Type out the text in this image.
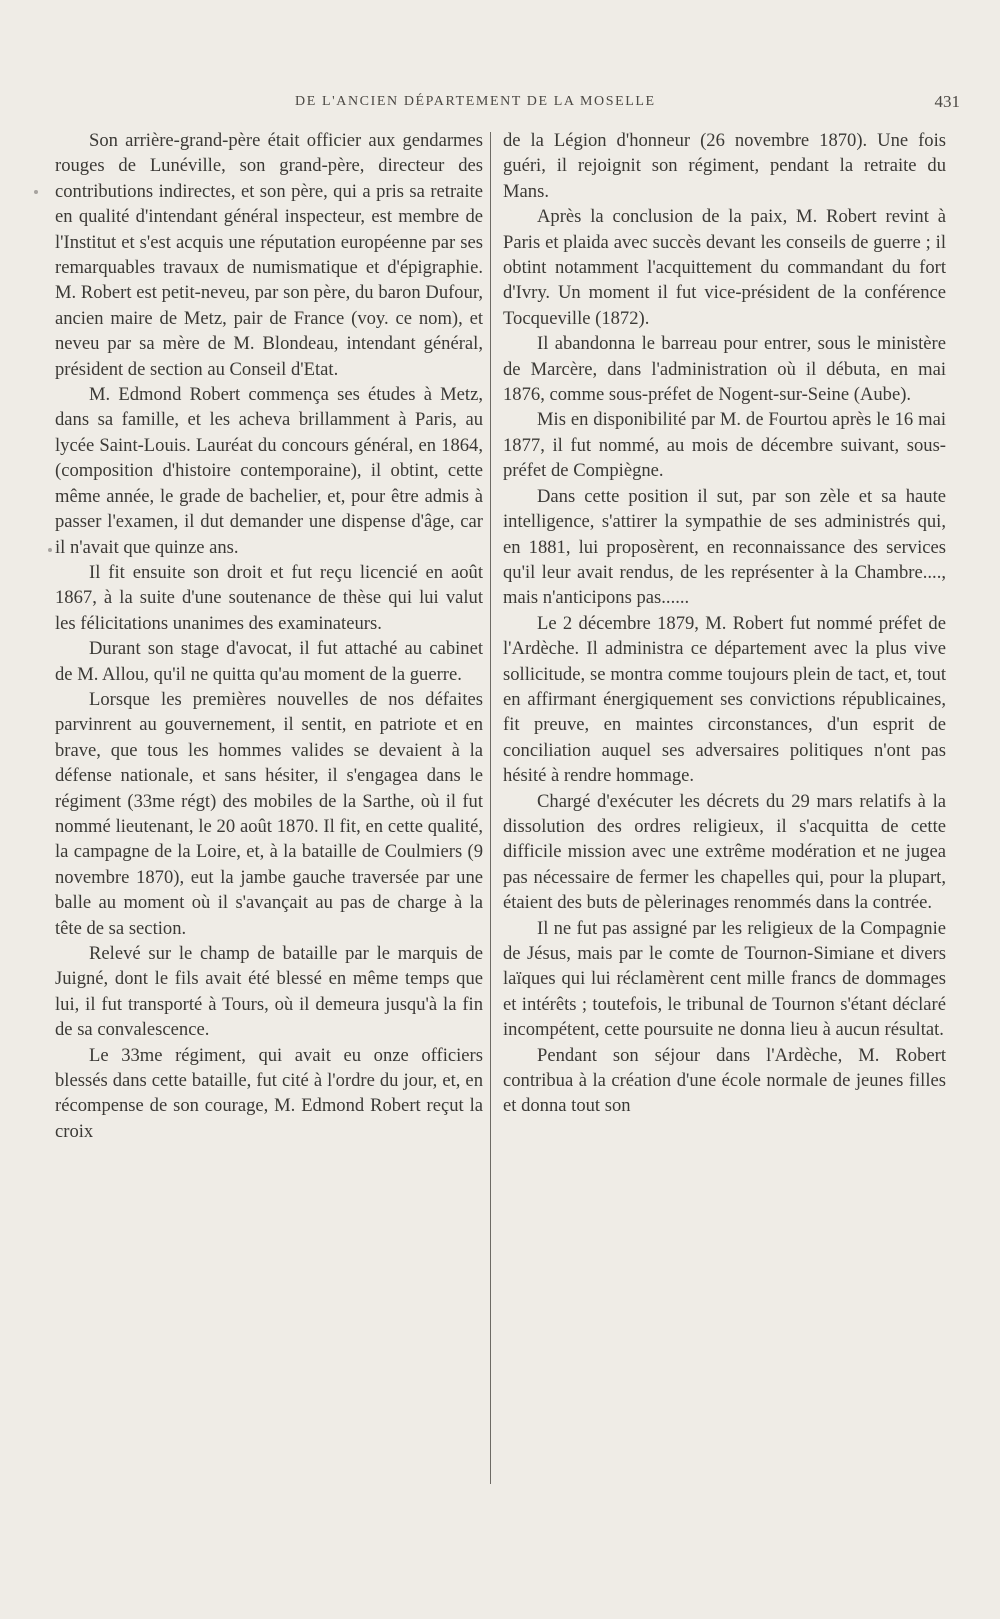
DE L'ANCIEN DÉPARTEMENT DE LA MOSELLE	431

Son arrière-grand-père était officier aux gendarmes rouges de Lunéville, son grand-père, directeur des contributions indirectes, et son père, qui a pris sa retraite en qualité d'intendant général inspecteur, est membre de l'Institut et s'est acquis une réputation européenne par ses remarquables travaux de numismatique et d'épigraphie. M. Robert est petit-neveu, par son père, du baron Dufour, ancien maire de Metz, pair de France (voy. ce nom), et neveu par sa mère de M. Blondeau, intendant général, président de section au Conseil d'Etat.

M. Edmond Robert commença ses études à Metz, dans sa famille, et les acheva brillamment à Paris, au lycée Saint-Louis. Lauréat du concours général, en 1864, (composition d'histoire contemporaine), il obtint, cette même année, le grade de bachelier, et, pour être admis à passer l'examen, il dut demander une dispense d'âge, car il n'avait que quinze ans.

Il fit ensuite son droit et fut reçu licencié en août 1867, à la suite d'une soutenance de thèse qui lui valut les félicitations unanimes des examinateurs.

Durant son stage d'avocat, il fut attaché au cabinet de M. Allou, qu'il ne quitta qu'au moment de la guerre.

Lorsque les premières nouvelles de nos défaites parvinrent au gouvernement, il sentit, en patriote et en brave, que tous les hommes valides se devaient à la défense nationale, et sans hésiter, il s'engagea dans le régiment (33me régt) des mobiles de la Sarthe, où il fut nommé lieutenant, le 20 août 1870. Il fit, en cette qualité, la campagne de la Loire, et, à la bataille de Coulmiers (9 novembre 1870), eut la jambe gauche traversée par une balle au moment où il s'avançait au pas de charge à la tête de sa section.

Relevé sur le champ de bataille par le marquis de Juigné, dont le fils avait été blessé en même temps que lui, il fut transporté à Tours, où il demeura jusqu'à la fin de sa convalescence.

Le 33me régiment, qui avait eu onze officiers blessés dans cette bataille, fut cité à l'ordre du jour, et, en récompense de son courage, M. Edmond Robert reçut la croix

de la Légion d'honneur (26 novembre 1870). Une fois guéri, il rejoignit son régiment, pendant la retraite du Mans.

Après la conclusion de la paix, M. Robert revint à Paris et plaida avec succès devant les conseils de guerre ; il obtint notamment l'acquittement du commandant du fort d'Ivry. Un moment il fut vice-président de la conférence Tocqueville (1872).

Il abandonna le barreau pour entrer, sous le ministère de Marcère, dans l'administration où il débuta, en mai 1876, comme sous-préfet de Nogent-sur-Seine (Aube).

Mis en disponibilité par M. de Fourtou après le 16 mai 1877, il fut nommé, au mois de décembre suivant, sous-préfet de Compiègne.

Dans cette position il sut, par son zèle et sa haute intelligence, s'attirer la sympathie de ses administrés qui, en 1881, lui proposèrent, en reconnaissance des services qu'il leur avait rendus, de les représenter à la Chambre...., mais n'anticipons pas......

Le 2 décembre 1879, M. Robert fut nommé préfet de l'Ardèche. Il administra ce département avec la plus vive sollicitude, se montra comme toujours plein de tact, et, tout en affirmant énergiquement ses convictions républicaines, fit preuve, en maintes circonstances, d'un esprit de conciliation auquel ses adversaires politiques n'ont pas hésité à rendre hommage.

Chargé d'exécuter les décrets du 29 mars relatifs à la dissolution des ordres religieux, il s'acquitta de cette difficile mission avec une extrême modération et ne jugea pas nécessaire de fermer les chapelles qui, pour la plupart, étaient des buts de pèlerinages renommés dans la contrée.

Il ne fut pas assigné par les religieux de la Compagnie de Jésus, mais par le comte de Tournon-Simiane et divers laïques qui lui réclamèrent cent mille francs de dommages et intérêts ; toutefois, le tribunal de Tournon s'étant déclaré incompétent, cette poursuite ne donna lieu à aucun résultat.

Pendant son séjour dans l'Ardèche, M. Robert contribua à la création d'une école normale de jeunes filles et donna tout son
